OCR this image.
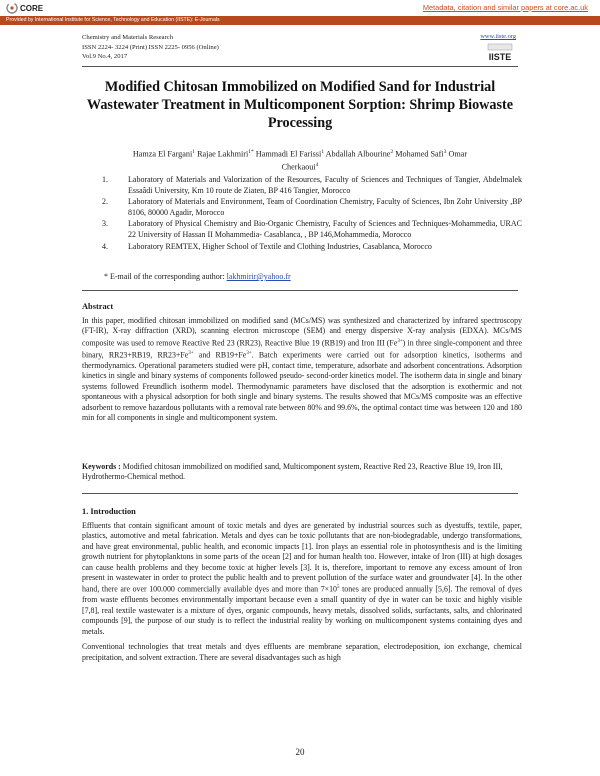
CORE	Metadata, citation and similar papers at core.ac.uk
Provided by International Institute for Science, Technology and Education (IISTE): E-Journals
Chemistry and Materials Research
ISSN 2224- 3224 (Print) ISSN 2225- 0956 (Online)
Vol.9 No.4, 2017
www.iiste.org
IISTE
Modified Chitosan Immobilized on Modified Sand for Industrial Wastewater Treatment in Multicomponent Sorption: Shrimp Biowaste Processing
Hamza El Fargani$^1$ Rajae Lakhmiri$^{1*}$ Hammadi El Farissi$^1$ Abdallah Albourine$^2$ Mohamed Safi$^3$ Omar
Cherkaoui$^4$
1.	Laboratory of Materials and Valorization of the Resources, Faculty of Sciences and Techniques of Tangier, Abdelmalek Essaâdi University, Km 10 route de Ziaten, BP 416 Tangier, Morocco
2.	Laboratory of Materials and Environment, Team of Coordination Chemistry, Faculty of Sciences, Ibn Zohr University ,BP 8106, 80000 Agadir, Morocco
3.	Laboratory of Physical Chemistry and Bio-Organic Chemistry, Faculty of Sciences and Techniques-Mohammedia, URAC 22 University of Hassan II Mohammedia- Casablanca, , BP 146,Mohammedia, Morocco
4.	Laboratory REMTEX, Higher School of Textile and Clothing Industries, Casablanca, Morocco
* E-mail of the corresponding author: lakhmirir@yahoo.fr
Abstract

In this paper, modified chitosan immobilized on modified sand (MCs/MS) was synthesized and characterized by infrared spectroscopy (FT-IR), X-ray diffraction (XRD), scanning electron microscope (SEM) and energy dispersive X-ray analysis (EDXA). MCs/MS composite was used to remove Reactive Red 23 (RR23), Reactive Blue 19 (RB19) and Iron III $(Fe^{3+})$ in three single-component and three binary, RR23+RB19, $RR23+Fe^{3+}$ and $RB19+Fe^{3+}$. Batch experiments were carried out for adsorption kinetics, isotherms and thermodynamics. Operational parameters studied were pH, contact time, temperature, adsorbate and adsorbent concentrations. Adsorption kinetics in single and binary systems of components followed pseudo- second-order kinetics model. The isotherm data in single and binary systems followed Freundlich isotherm model. Thermodynamic parameters have disclosed that the adsorption is exothermic and not spontaneous with a physical adsorption for both single and binary systems. The results showed that MCs/MS composite was an effective adsorbent to remove hazardous pollutants with a removal rate between 80% and 99.6%, the optimal contact time was between 120 and 180 min for all components in single and multicomponent system.

Keywords : Modified chitosan immobilized on modified sand, Multicomponent system, Reactive Red 23, Reactive Blue 19, Iron III, Hydrothermo-Chemical method.
1. Introduction

Effluents that contain significant amount of toxic metals and dyes are generated by industrial sources such as dyestuffs, textile, paper, plastics, automotive and metal fabrication. Metals and dyes can be toxic pollutants that are non-biodegradable, undergo transformations, and have great environmental, public health, and economic impacts [1]. Iron plays an essential role in photosynthesis and is the limiting growth nutrient for phytoplanktons in some parts of the ocean [2] and for human health too. However, intake of Iron (III) at high dosages can cause health problems and they become toxic at higher levels [3]. It is, therefore, important to remove any excess amount of Iron present in wastewater in order to protect the public health and to prevent pollution of the surface water and groundwater [4]. In the other hand, there are over 100.000 commercially available dyes and more than $7\times 10^5$ tones are produced annually [5,6]. The removal of dyes from waste effluents becomes environmentally important because even a small quantity of dye in water can be toxic and highly visible [7,8], real textile wastewater is a mixture of dyes, organic compounds, heavy metals, dissolved solids, surfactants, salts, and chlorinated compounds [9], the purpose of our study is to reflect the industrial reality by working on multicomponent systems containing dyes and metals.

Conventional technologies that treat metals and dyes effluents are membrane separation, electrodeposition, ion exchange, chemical precipitation, and solvent extraction. There are several disadvantages such as high

20
